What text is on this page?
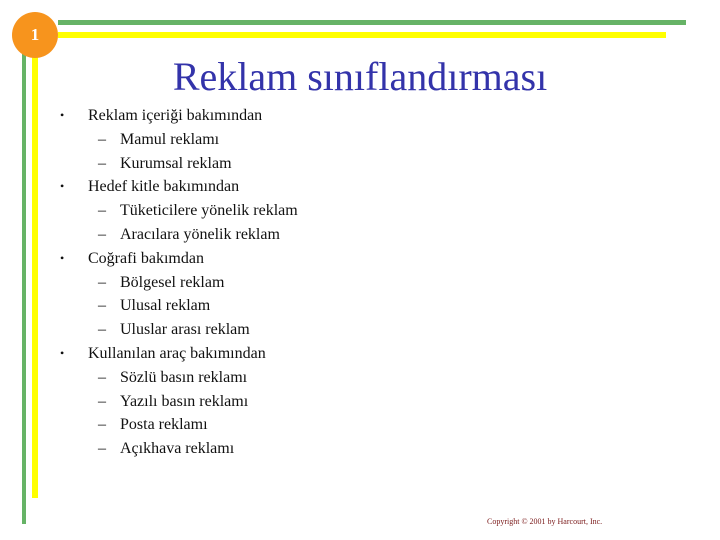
1
Reklam sınıflandırması
• Reklam içeriği bakımından
– Mamul reklamı
– Kurumsal reklam
• Hedef kitle bakımından
– Tüketicilere yönelik reklam
– Aracılara yönelik reklam
• Coğrafi bakımdan
– Bölgesel reklam
– Ulusal reklam
– Uluslar arası reklam
• Kullanılan araç bakımından
– Sözlü basın reklamı
– Yazılı basın reklamı
– Posta reklamı
– Açıkhava reklamı
Copyright © 2001 by Harcourt, Inc.
